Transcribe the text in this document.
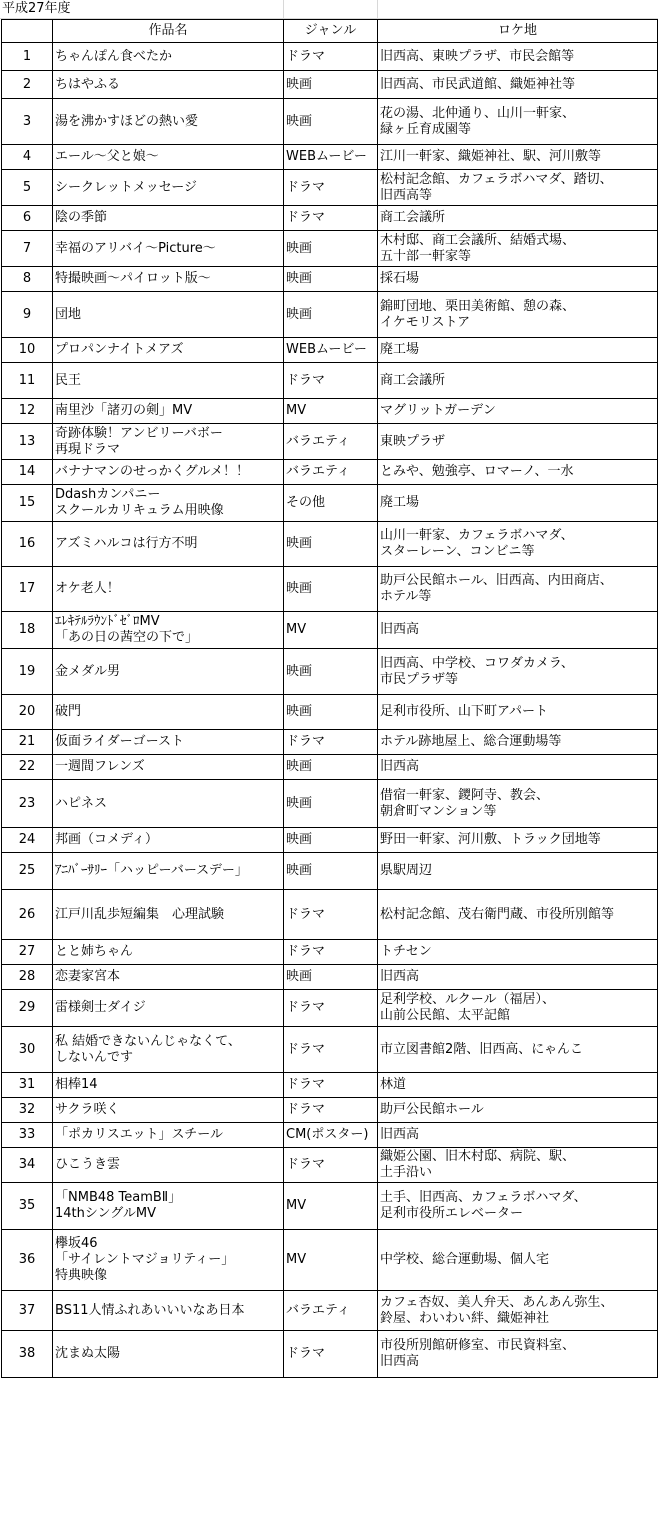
平成27年度
	作品名	ジャンル	ロケ地
1	ちゃんぽん食べたか	ドラマ	旧西高、東映プラザ、市民会館等

2	ちはやふる	映画	旧西高、市民武道館、織姫神社等

3	湯を沸かすほどの熱い愛	映画	花の湯、北仲通り、山川一軒家、
緑ヶ丘育成園等

4	エール〜父と娘〜	WEBムービー	江川一軒家、織姫神社、駅、河川敷等

5	シークレットメッセージ	ドラマ	松村記念館、カフェラボハマダ、踏切、
旧西高等

6	陰の季節	ドラマ	商工会議所

7	幸福のアリバイ〜Picture〜	映画	木村邸、商工会議所、結婚式場、
五十部一軒家等

8	特撮映画〜パイロット版〜	映画	採石場

9	団地	映画	錦町団地、栗田美術館、憩の森、
イケモリストア

10	プロパンナイトメアズ	WEBムービー	廃工場

11	民王	ドラマ	商工会議所

12	南里沙「諸刃の剣」MV	MV	マグリットガーデン

13	奇跡体験！アンビリーバボー
再現ドラマ	バラエティ	東映プラザ

14	バナナマンのせっかくグルメ！！	バラエティ	とみや、勉強亭、ロマーノ、一水

15	Ddashカンパニー
スクールカリキュラム用映像	その他	廃工場

16	アズミハルコは行方不明	映画	山川一軒家、カフェラボハマダ、
スターレーン、コンビニ等

17	オケ老人！	映画	助戸公民館ホール、旧西高、内田商店、
ホテル等

18	ｴﾚｷﾃﾙﾗｳﾝﾄﾞｾﾞﾛMV
「あの日の茜空の下で」	MV	旧西高

19	金メダル男	映画	旧西高、中学校、コワダカメラ、
市民プラザ等

20	破門	映画	足利市役所、山下町アパート

21	仮面ライダーゴースト	ドラマ	ホテル跡地屋上、総合運動場等

22	一週間フレンズ	映画	旧西高

23	ハピネス	映画	借宿一軒家、鑁阿寺、教会、
朝倉町マンション等

24	邦画（コメディ）	映画	野田一軒家、河川敷、トラック団地等

25	ｱﾆﾊﾞｰｻﾘｰ「ハッピーバースデー」	映画	県駅周辺

26	江戸川乱歩短編集　心理試験	ドラマ	松村記念館、茂右衛門蔵、市役所別館等

27	とと姉ちゃん	ドラマ	トチセン

28	恋妻家宮本	映画	旧西高

29	雷様剣士ダイジ	ドラマ	足利学校、ルクール（福居）、
山前公民館、太平記館

30	私 結婚できないんじゃなくて、
しないんです	ドラマ	市立図書館2階、旧西高、にゃんこ

31	相棒14	ドラマ	林道

32	サクラ咲く	ドラマ	助戸公民館ホール

33	「ポカリスエット」スチール	CM(ポスター)	旧西高

34	ひこうき雲	ドラマ	織姫公園、旧木村邸、病院、駅、
土手沿い

35	「NMB48 TeamBⅡ」
14thシングルMV	MV	土手、旧西高、カフェラボハマダ、
足利市役所エレベーター

36	欅坂46
「サイレントマジョリティー」
特典映像	MV	中学校、総合運動場、個人宅

37	BS11人情ふれあいいいなあ日本	バラエティ	カフェ杏奴、美人弁天、あんあん弥生、
鈴屋、わいわい絆、織姫神社

38	沈まぬ太陽	ドラマ	市役所別館研修室、市民資料室、
旧西高
